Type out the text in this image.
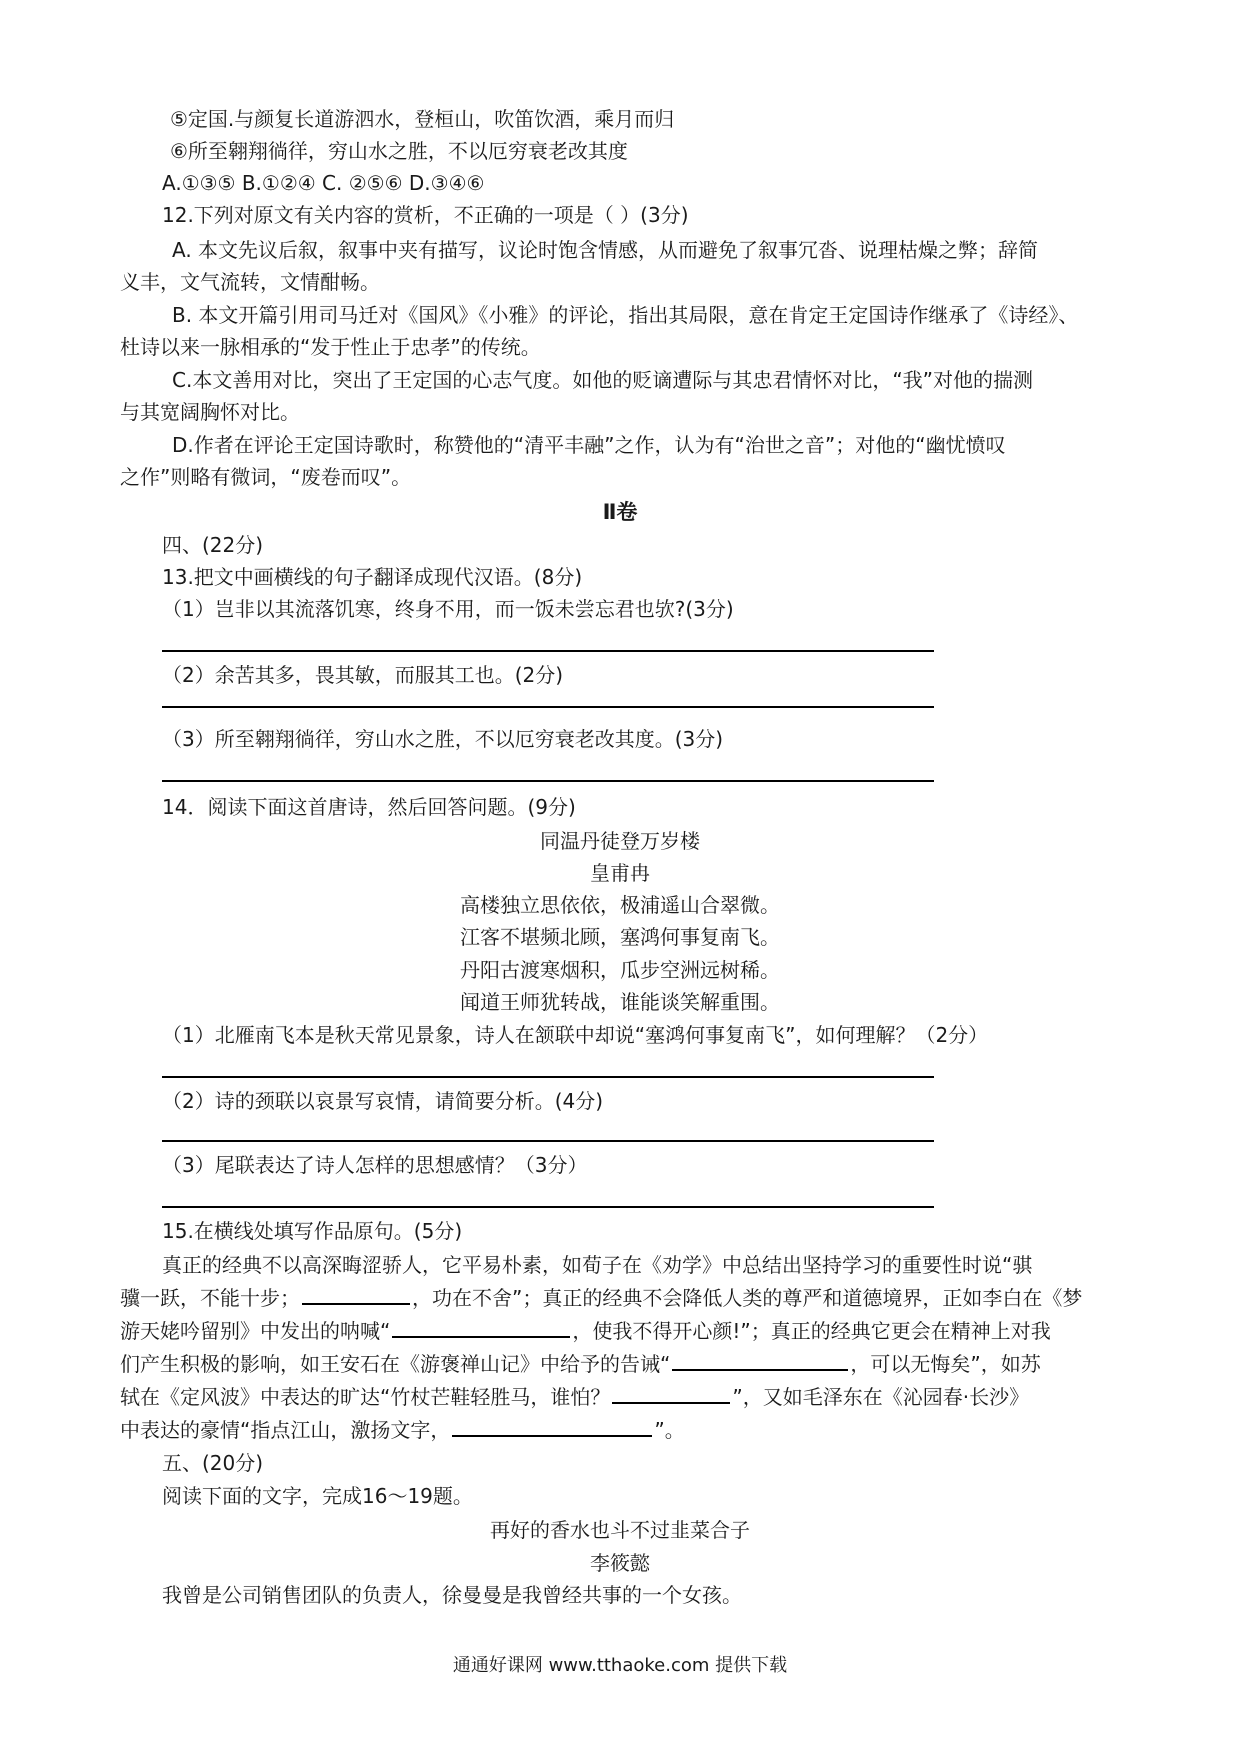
⑤定国.与颜复长道游泗水，登桓山，吹笛饮酒，乘月而归
⑥所至翱翔徜徉，穷山水之胜，不以厄穷衰老改其度
A.①③⑤ B.①②④ C. ②⑤⑥ D.③④⑥
12.下列对原文有关内容的赏析，不正确的一项是（ ）(3分)
A. 本文先议后叙，叙事中夹有描写，议论时饱含情感，从而避免了叙事冗沓、说理枯燥之弊；辞简
义丰，文气流转，文情酣畅。
B. 本文开篇引用司马迁对《国风》《小雅》的评论，指出其局限，意在肯定王定国诗作继承了《诗经》、
杜诗以来一脉相承的“发于性止于忠孝”的传统。
C.本文善用对比，突出了王定国的心志气度。如他的贬谪遭际与其忠君情怀对比，“我”对他的揣测
与其宽阔胸怀对比。
D.作者在评论王定国诗歌时，称赞他的“清平丰融”之作，认为有“治世之音”；对他的“幽忧愤叹
之作”则略有微词，“废卷而叹”。
Ⅱ卷
四、(22分)
13.把文中画横线的句子翻译成现代汉语。(8分)
（1）岂非以其流落饥寒，终身不用，而一饭未尝忘君也欤?(3分)
（2）余苦其多，畏其敏，而服其工也。(2分)
（3）所至翱翔徜徉，穷山水之胜，不以厄穷衰老改其度。(3分)
14．阅读下面这首唐诗，然后回答问题。(9分)
同温丹徒登万岁楼
皇甫冉
高楼独立思依依，极浦遥山合翠微。
江客不堪频北顾，塞鸿何事复南飞。
丹阳古渡寒烟积，瓜步空洲远树稀。
闻道王师犹转战，谁能谈笑解重围。
（1）北雁南飞本是秋天常见景象，诗人在颔联中却说“塞鸿何事复南飞”，如何理解？（2分）
（2）诗的颈联以哀景写哀情，请简要分析。(4分)
（3）尾联表达了诗人怎样的思想感情？（3分）
15.在横线处填写作品原句。(5分)
真正的经典不以高深晦涩骄人，它平易朴素，如荀子在《劝学》中总结出坚持学习的重要性时说“骐
骥一跃，不能十步；	，功在不舍”；真正的经典不会降低人类的尊严和道德境界，正如李白在《梦
游天姥吟留别》中发出的呐喊“	，使我不得开心颜!”；真正的经典它更会在精神上对我
们产生积极的影响，如王安石在《游褒禅山记》中给予的告诫“	，可以无悔矣”，如苏
轼在《定风波》中表达的旷达“竹杖芒鞋轻胜马，谁怕？	”，又如毛泽东在《沁园春·长沙》
中表达的豪情“指点江山，激扬文字，	”。
五、(20分)
阅读下面的文字，完成16～19题。
再好的香水也斗不过韭菜合子
李筱懿
我曾是公司销售团队的负责人，徐曼曼是我曾经共事的一个女孩。
通通好课网 www.tthaoke.com 提供下载
